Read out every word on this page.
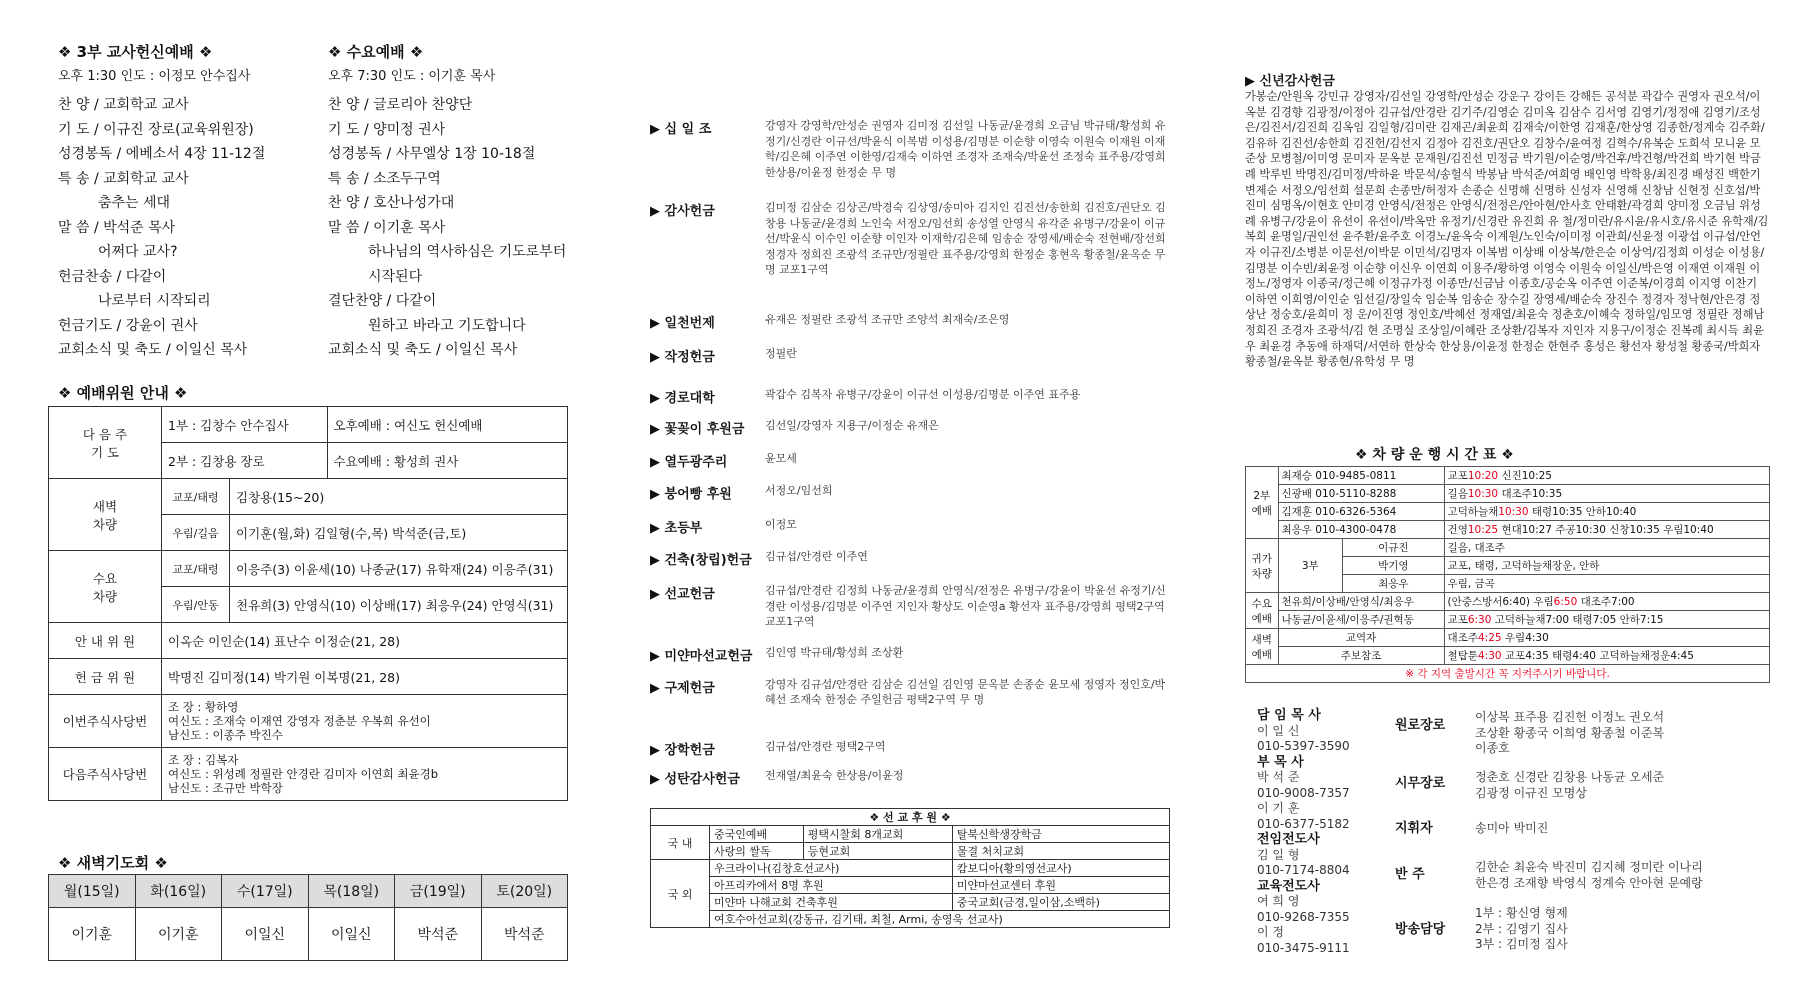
❖ 3부 교사헌신예배 ❖
오후 1:30 인도 : 이정모 안수집사
찬 양 / 교회학교 교사
기 도 / 이규진 장로(교육위원장)
성경봉독 / 에베소서 4장 11-12절
특 송 / 교회학교 교사
춤추는 세대
말 씀 / 박석준 목사
어쩌다 교사?
헌금찬송 / 다같이
나로부터 시작되리
헌금기도 / 강윤이 권사
교회소식 및 축도 / 이일신 목사
❖ 수요예배 ❖
오후 7:30 인도 : 이기훈 목사
찬 양 / 글로리아 찬양단
기 도 / 양미정 권사
성경봉독 / 사무엘상 1장 10-18절
특 송 / 소조두구역
찬 양 / 호산나성가대
말 씀 / 이기훈 목사
하나님의 역사하심은 기도로부터
시작된다
결단찬양 / 다같이
원하고 바라고 기도합니다
교회소식 및 축도 / 이일신 목사
❖ 예배위원 안내 ❖
다 음 주
기 도	1부 : 김창수 안수집사		오후예배 : 여신도 헌신예배
	2부 : 김창용 장로		수요예배 : 황성희 권사
새벽
차량	교포/태령	김창용(15~20)	
	우림/길음	이기훈(월,화) 김일형(수,목) 박석준(금,토)	
수요
차량	교포/태령	이응주(3) 이윤세(10) 나종균(17) 유학재(24) 이응주(31)	
	우림/안동	천유희(3) 안영식(10) 이상배(17) 최응우(24) 안영식(31)	
안 내 위 원	이옥순 이인순(14) 표난수 이정순(21, 28)		
헌 금 위 원	박명진 김미정(14) 박기원 이복명(21, 28)		
이번주식사당번	조 장 : 황하영
여신도 : 조재숙 이재연 강영자 정춘분 우복희 유선이
남신도 : 이종주 박진수		

다음주식사당번	조 장 : 김복자
여신도 : 위성례 정필란 안경란 김미자 이연희 최윤경b
남신도 : 조규만 박학장		
❖ 새벽기도회 ❖
월(15일)	화(16일)	수(17일)	목(18일)	금(19일)	토(20일)
이기훈	이기훈	이일신	이일신	박석준	박석준
▶ 십 일 조	강영자 강영학/안성순 권영자 김미정 김선일 나동균/윤경희 오금님 박규태/황성희 유정기/신경란 이규선/박윤식 이복범 이성용/김명분 이순향 이영숙 이원숙 이재원 이재학/김은혜 이주연 이한영/김재숙 이하연 조경자 조재숙/박윤선 조정숙 표주용/강영희 한상용/이윤정 한정순 무 명
▶ 감사헌금	김미정 김삼순 김상곤/박경숙 김상영/송미아 김지인 김진선/송한희 김진호/권단오 김창용 나동균/윤경희 노인숙 서정오/임선희 송성열 안영식 유각준 유병구/강윤이 이규선/박윤식 이수인 이순향 이인자 이재학/김은혜 임송순 장영세/배순숙 전현배/장선희 정경자 정희진 조광석 조규만/정필란 표주용/강영희 한정순 홍현옥 황종철/윤옥순 무 명 교포1구역
▶ 일천번제	유재은 정필란 조광석 조규만 조양석 최재숙/조은영
▶ 작정헌금	정필란
▶ 경로대학	곽갑수 김복자 유병구/강윤이 이규선 이성용/김명분 이주연 표주용
▶ 꽃꽂이 후원금 김선일/강영자 지용구/이정순 유재은
▶ 열두광주리	윤모세
▶ 붕어빵 후원	서정오/임선희
▶ 초등부	이정모
▶ 건축(창립)헌금 김규섭/안경란 이주연
▶ 선교헌금	김규섭/안경란 김정희 나동균/윤경희 안영식/전정은 유병구/강윤이 박윤선 유정기/신경란 이성용/김명분 이주연 지인자 황상도 이순영a 황선자 표주용/강영희 평택2구역 교포1구역
▶ 미얀마선교헌금 김인영 박규태/황성희 조상환
▶ 구제헌금	강영자 김규섭/안경란 김삼순 김선일 김인영 문옥분 손종순 윤모세 정영자 정인호/박혜선 조재숙 한정순 주일헌금 평택2구역 무 명
▶ 장학헌금	김규섭/안경란 평택2구역
▶ 성탄감사헌금 전재열/최윤숙 한상용/이윤정
❖ 선 교 후 원 ❖			
국 내	중국인예배	평택시찰회 8개교회	탈북신학생장학금
	사랑의 쌀독	등현교회	물결 처치교회
국 외	우크라이나(김창호선교사)		캄보디아(황의영선교사)
	아프리카에서 8명 후원		미얀마선교센터 후원
	미얀마 나해교회 건축후원		중국교회(금경,일이삼,소백하)
	여호수아선교회(강동규, 김기태, 최철, Armi, 송영욱 선교사)		
▶ 신년감사헌금
가봉순/안원옥 강민규 강영자/김선일 강영학/안성순 강운구 강이든 강해든 공석분 곽갑수 권영자 권오석/이옥분 김경향 김광정/이정아 김규섭/안경란 김기주/김영순 김미옥 김삼수 김서영 김영기/정정애 김영기/조성은/김진서/김진희 김옥임 김일형/김미란 김재곤/최윤희 김재숙/이한영 김재훈/한상영 김종한/정계숙 김주화/김유하 김진선/송한희 김진헌/김선지 김정아 김진호/권단오 김창수/윤여정 김혁수/유복순 도희석 모니윤 모준상 모병철/이미영 문미자 문옥분 문재원/김진선 민정금 박기원/이순영/박건후/박건형/박건희 박기현 박금례 박루빈 박명진/김미정/박하윤 박문석/송헐식 박봉남 박석준/여희영 배인영 박학용/최진경 배성진 백한기 변제순 서정오/임선희 설문희 손종만/허정자 손종순 신명해 신명하 신성자 신영해 신창남 신현정 신호섭/박진미 심명옥/이현호 안미경 안영식/전정은 안영식/전정은/안아현/안사호 안태환/곽경희 양미정 오금님 위성례 유병구/강윤이 유선이 유선이/박옥만 유정기/신경란 유진희 유 철/정미란/유시윤/유시호/유시준 유학재/김복희 윤명일/권인선 윤주환/윤주호 이경노/윤옥숙 이계원/노인숙/이미정 이관희/신윤정 이광섭 이규섭/안언자 이규진/소병분 이문선/이박문 이민석/김명자 이복범 이상배 이상복/한은순 이상억/김정희 이성순 이성용/김명분 이수빈/최윤정 이순향 이신우 이연희 이용주/황하영 이영숙 이원숙 이일신/박은영 이재연 이재원 이정노/정영자 이종국/정근혜 이정규가정 이종만/신금남 이종호/공순옥 이주연 이준복/이경희 이지영 이찬기 이하연 이희영/이인순 임선길/장일숙 임순복 임송순 장수길 장영세/배순숙 장진수 정경자 정낙현/안은경 정상난 정숭호/윤희미 정 운/이진영 정인호/박혜선 정재열/최윤숙 정춘호/이혜숙 정하일/임모영 정필란 정해남 정희진 조경자 조광석/김 현 조명실 조상일/이혜란 조상환/김복자 지인자 지용구/이정순 진복례 최시득 최윤우 최윤경 추동애 하재덕/서연하 한상숙 한상용/이윤정 한정순 한현주 홍성은 황선자 황성철 황종국/박희자 황종철/윤옥분 황종현/유학성 무 명
❖ 차 량 운 행 시 간 표 ❖
2부
예배	최재승 010-9485-0811		교포10:20 신진10:25
	신광배 010-5110-8288		길음10:30 대조주10:35
	김재훈 010-6326-5364		고덕하늘채10:30 태령10:35 안하10:40
	최응우 010-4300-0478		건영10:25 현대10:27 주공10:30 신창10:35 우림10:40
귀가
차량	3부	이규진	길음, 대조주
		박기영	교포, 태령, 고덕하늘채장운, 안하
		최응우	우림, 금곡
수요
예배	천유희/이상배/안영식/최응우		(안중스방서6:40) 우림6:50 대조주7:00
	나동균/이윤세/이응주/권혁동		교포6:30 고덕하늘채7:00 태령7:05 안하7:15
새벽
예배	교역자		대조주4:25 우림4:30
	주보참조		철탑툰4:30 교포4:35 태령4:40 고덕하늘채정운4:45
※ 각 지역 출발시간 꼭 지켜주시기 바랍니다.			
담 임 목 사
이 일 신
010-5397-3590
부 목 사
박 석 준
010-9008-7357
이 기 훈
010-6377-5182
전임전도사
김 일 형
010-7174-8804
교육전도사
여 희 영
010-9268-7355
이 정
010-3475-9111
원로장로
이상복 표주용 김진헌 이정노 권오석
조상환 황종국 이희영 황종철 이준복
이종호
시무장로 정춘호 신경란 김창용 나동균 오세준
김광정 이규진 모명상
지휘자	송미아 박미진
반 주	김한순 최윤숙 박진미 김지혜 정미란 이나리
한은경 조재향 박영식 정계숙 안아현 문예랑
방송담당
1부 : 황신영 형제
2부 : 김영기 집사
3부 : 김미정 집사
